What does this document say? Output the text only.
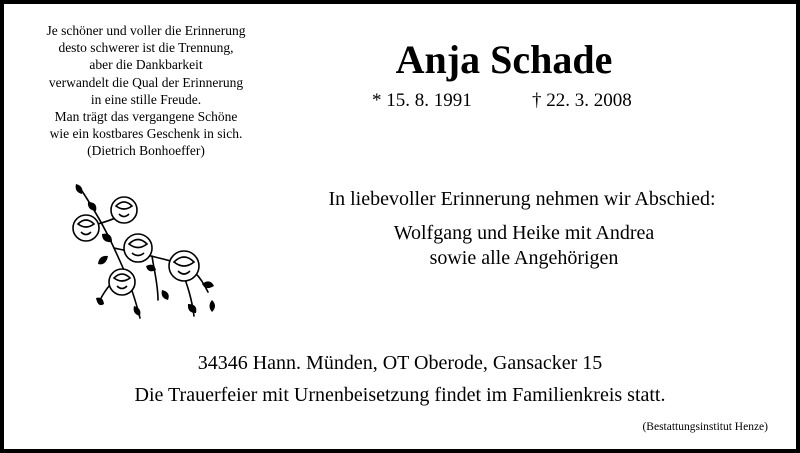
Je schöner und voller die Erinnerung
desto schwerer ist die Trennung,
aber die Dankbarkeit
verwandelt die Qual der Erinnerung
in eine stille Freude.
Man trägt das vergangene Schöne
wie ein kostbares Geschenk in sich.
(Dietrich Bonhoeffer)
Anja Schade
* 15. 8. 1991	† 22. 3. 2008
In liebevoller Erinnerung nehmen wir Abschied:
Wolfgang und Heike mit Andrea
sowie alle Angehörigen
34346 Hann. Münden, OT Oberode, Gansacker 15
Die Trauerfeier mit Urnenbeisetzung findet im Familienkreis statt.
(Bestattungsinstitut Henze)
